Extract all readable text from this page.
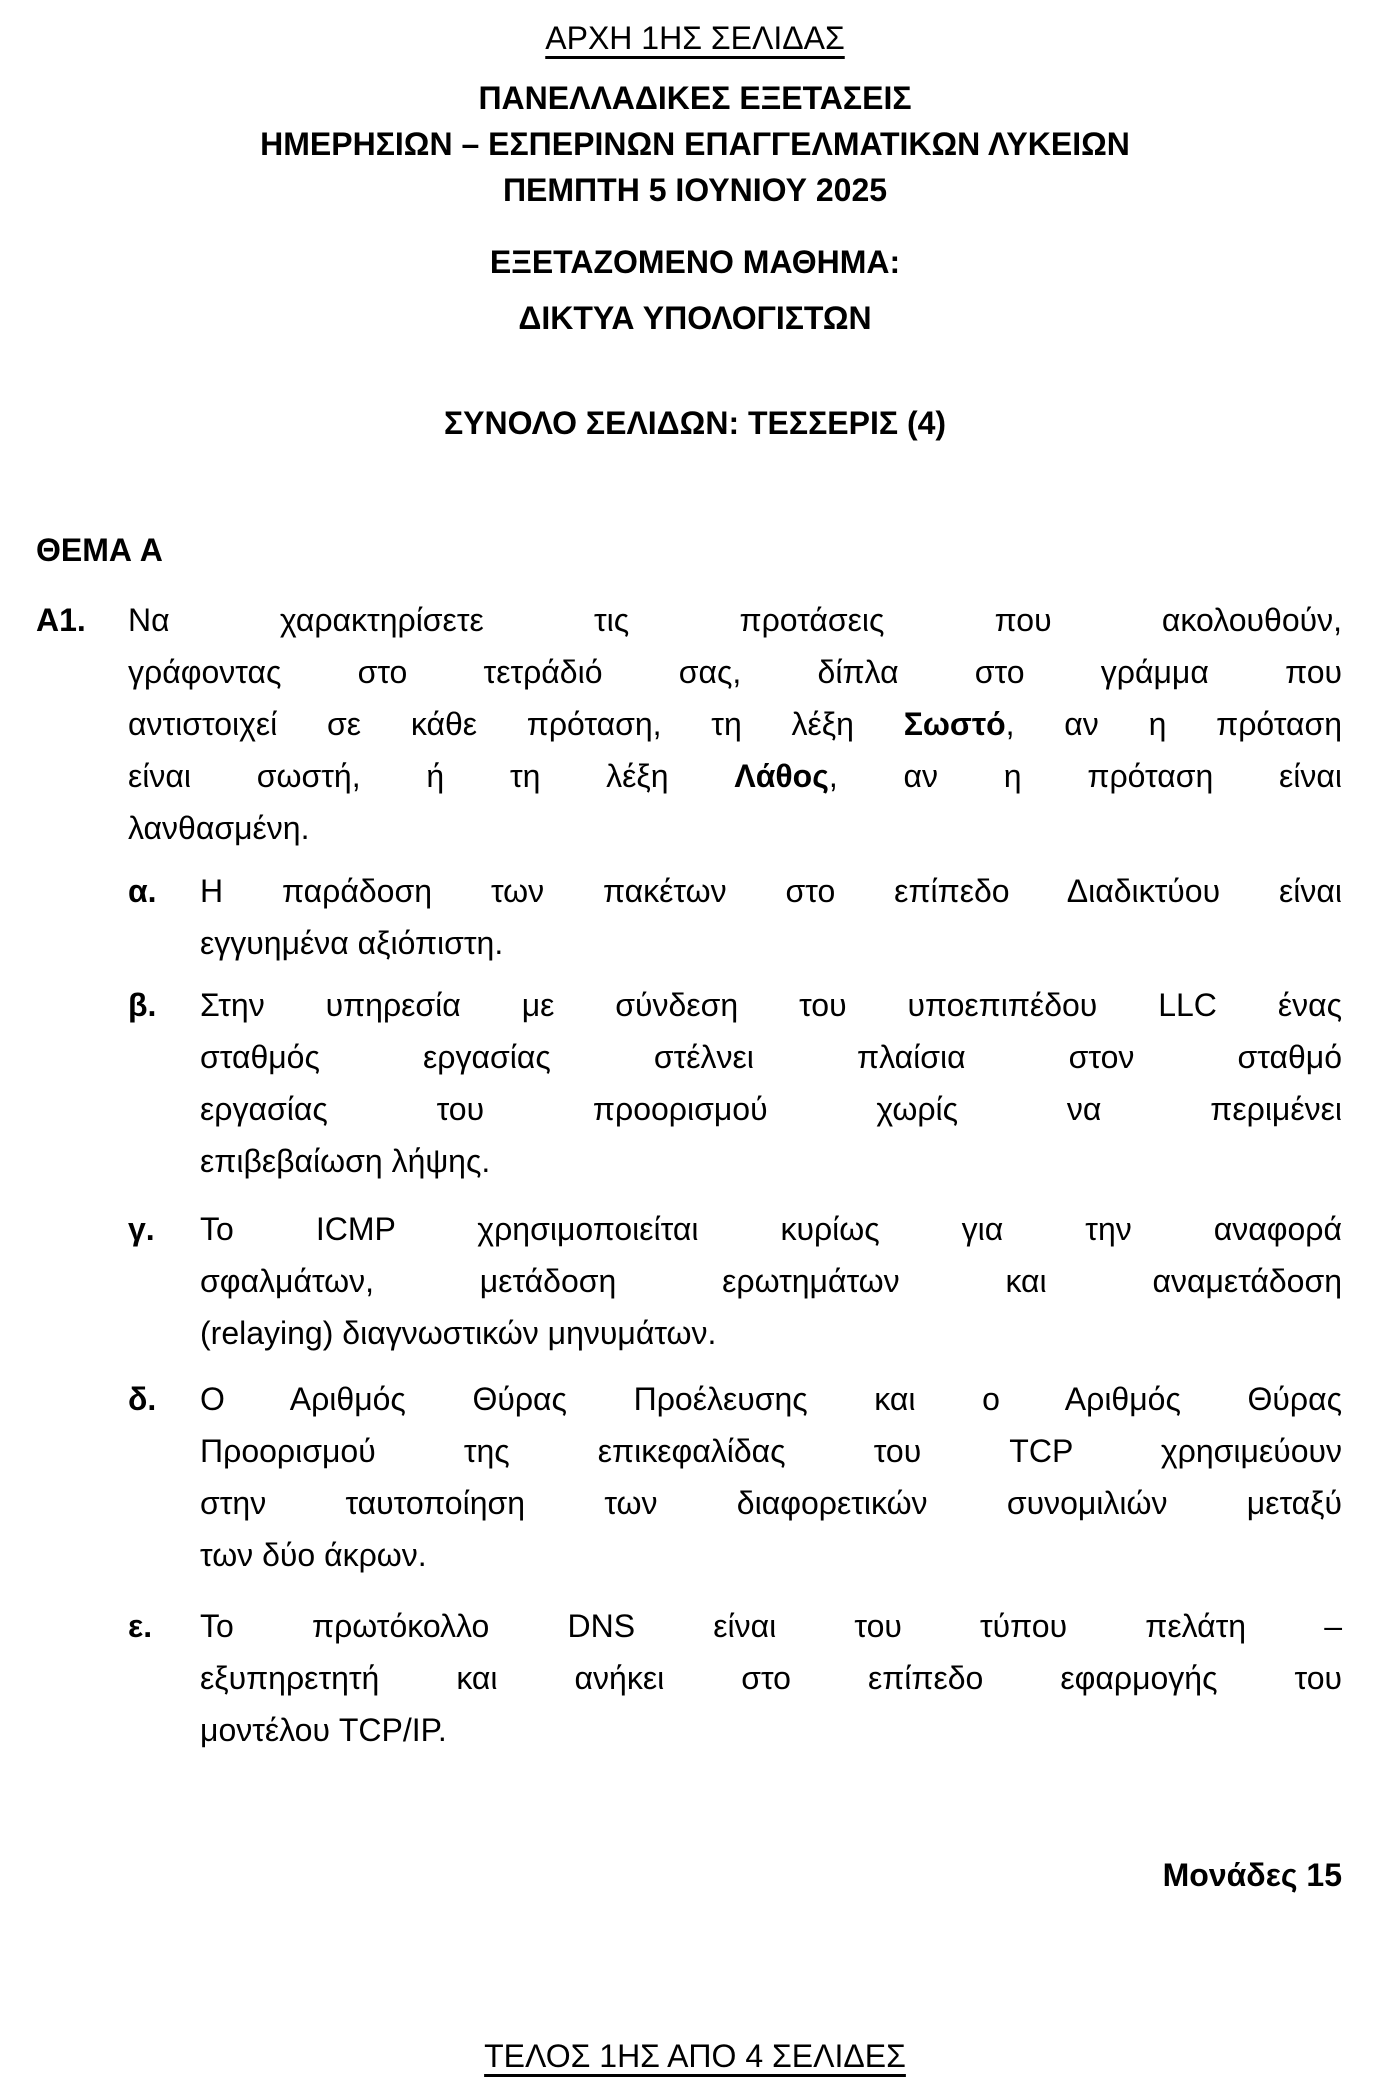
ΑΡΧΗ 1ΗΣ ΣΕΛΙΔΑΣ
ΠΑΝΕΛΛΑΔΙΚΕΣ ΕΞΕΤΑΣΕΙΣ
ΗΜΕΡΗΣΙΩΝ – ΕΣΠΕΡΙΝΩΝ ΕΠΑΓΓΕΛΜΑΤΙΚΩΝ ΛΥΚΕΙΩΝ
ΠΕΜΠΤΗ 5 ΙΟΥΝΙΟΥ 2025
ΕΞΕΤΑΖΟΜΕΝΟ ΜΑΘΗΜΑ:
ΔΙΚΤΥΑ ΥΠΟΛΟΓΙΣΤΩΝ
ΣΥΝΟΛΟ ΣΕΛΙΔΩΝ: ΤΕΣΣΕΡΙΣ (4)
ΘΕΜΑ Α
Α1. Να χαρακτηρίσετε τις προτάσεις που ακολουθούν,
γράφοντας στο τετράδιό σας, δίπλα στο γράμμα που
αντιστοιχεί σε κάθε πρόταση, τη λέξη Σωστό, αν η πρόταση
είναι σωστή, ή τη λέξη Λάθος, αν η πρόταση είναι
λανθασμένη.
α. Η παράδοση των πακέτων στο επίπεδο Διαδικτύου είναι
εγγυημένα αξιόπιστη.
β. Στην υπηρεσία με σύνδεση του υποεπιπέδου LLC ένας
σταθμός εργασίας στέλνει πλαίσια στον σταθμό
εργασίας του προορισμού χωρίς να περιμένει
επιβεβαίωση λήψης.
γ. Το ICMP χρησιμοποιείται κυρίως για την αναφορά
σφαλμάτων, μετάδοση ερωτημάτων και αναμετάδοση
(relaying) διαγνωστικών μηνυμάτων.
δ. Ο Αριθμός Θύρας Προέλευσης και ο Αριθμός Θύρας
Προορισμού της επικεφαλίδας του TCP χρησιμεύουν
στην ταυτοποίηση των διαφορετικών συνομιλιών μεταξύ
των δύο άκρων.
ε. Το πρωτόκολλο DNS είναι του τύπου πελάτη –
εξυπηρετητή και ανήκει στο επίπεδο εφαρμογής του
μοντέλου TCP/IP.
Μονάδες 15
ΤΕΛΟΣ 1ΗΣ ΑΠΟ 4 ΣΕΛΙΔΕΣ
